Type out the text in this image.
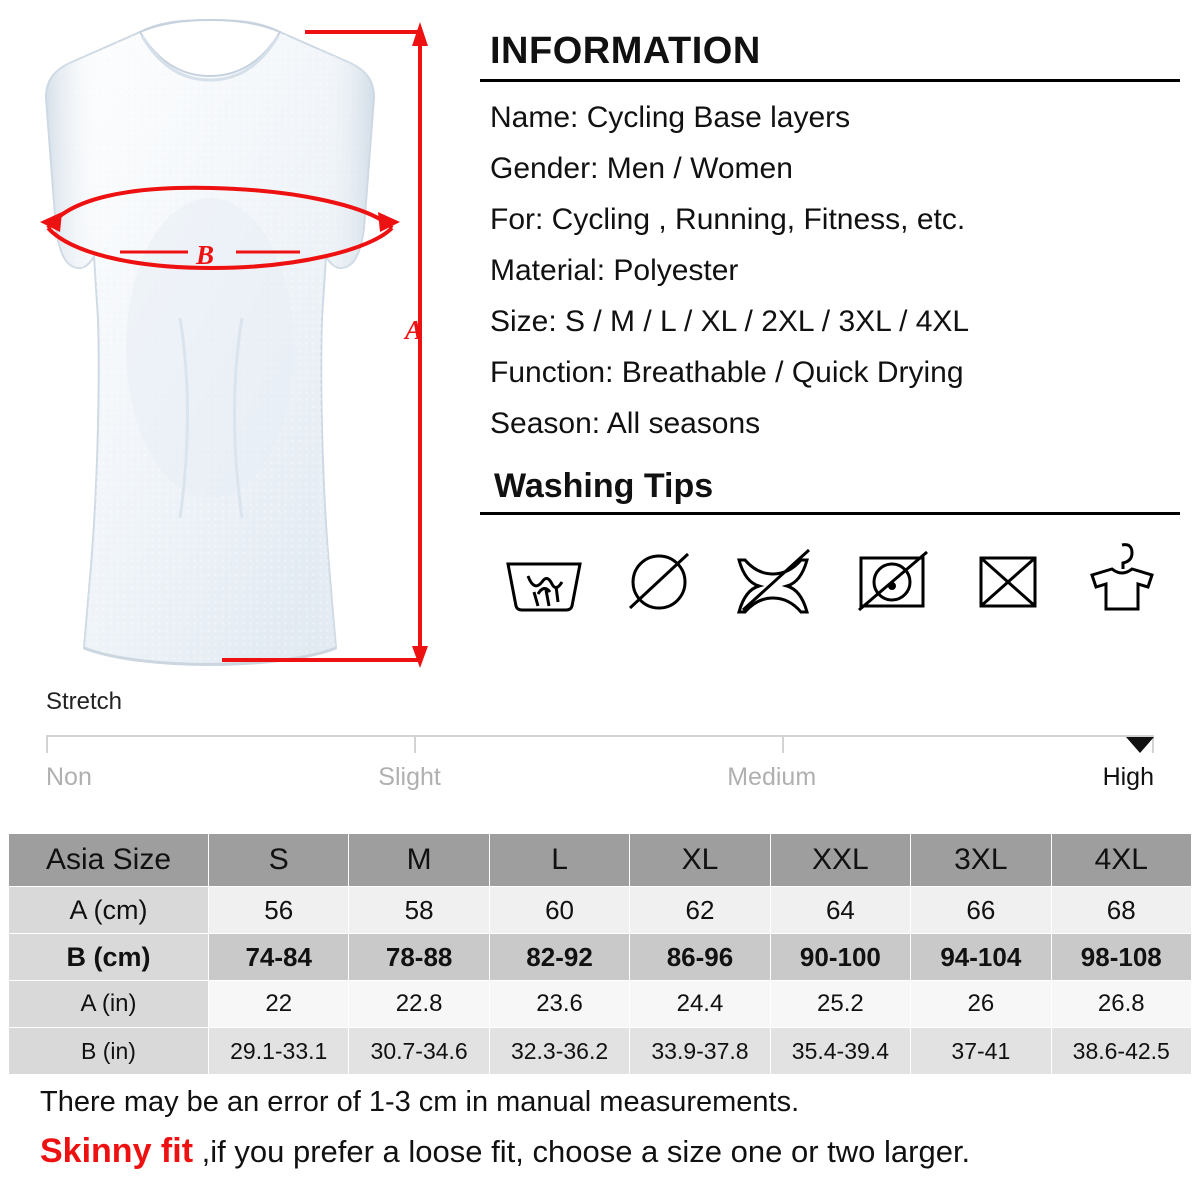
A
B
Stretch
INFORMATION
Name: Cycling Base layers
Gender: Men / Women
For: Cycling , Running, Fitness, etc.
Material: Polyester
Size: S / M / L / XL / 2XL / 3XL / 4XL
Function: Breathable / Quick Drying
Season: All seasons
Washing Tips
Non	Slight	Medium	High
Asia Size	S	M	L	XL	XXL	3XL	4XL
A (cm)	56	58	60	62	64	66	68
B (cm)	74-84	78-88	82-92	86-96	90-100	94-104	98-108
A (in)	22	22.8	23.6	24.4	25.2	26	26.8
B (in)	29.1-33.1	30.7-34.6	32.3-36.2	33.9-37.8	35.4-39.4	37-41	38.6-42.5
There may be an error of 1-3 cm in manual measurements.
Skinny fit ,if you prefer a loose fit, choose a size one or two larger.
